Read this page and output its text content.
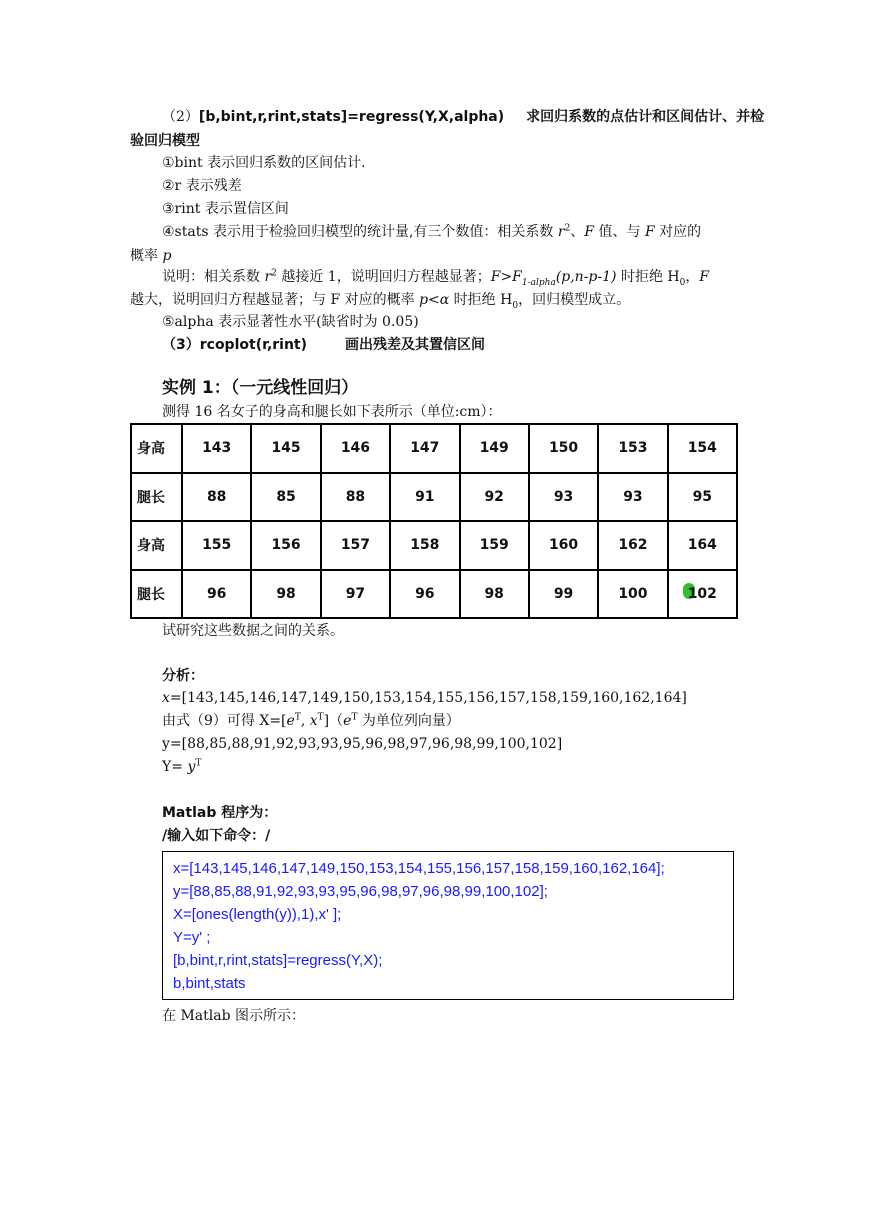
（2）[b,bint,r,rint,stats]=regress(Y,X,alpha) 求回归系数的点估计和区间估计、并检
验回归模型
①bint 表示回归系数的区间估计.
②r 表示残差
③rint 表示置信区间
④stats 表示用于检验回归模型的统计量,有三个数值：相关系数 $r^2$、F 值、与 F 对应的
概率 p
说明：相关系数 $r^2$ 越接近 1，说明回归方程越显著；$F>F_{1-alpha}(p,n-p-1)$ 时拒绝 $H_0$，F
越大，说明回归方程越显著；与 F 对应的概率 p<α 时拒绝 $H_0$，回归模型成立。
⑤alpha 表示显著性水平(缺省时为 0.05)
（3）rcoplot(r,rint)	画出残差及其置信区间
实例 1：（一元线性回归）
测得 16 名女子的身高和腿长如下表所示（单位:cm）：
身高	143	145	146	147	149	150	153	154
腿长	88	85	88	91	92	93	93	95
身高	155	156	157	158	159	160	162	164
腿长	96	98	97	96	98	99	100	102
试研究这些数据之间的关系。
分析：
x=[143,145,146,147,149,150,153,154,155,156,157,158,159,160,162,164]
由式（9）可得 $X=[e^T$, $x^T](e^T$ 为单位列向量）
y=[88,85,88,91,92,93,93,95,96,98,97,96,98,99,100,102]
$Y= y^T$
Matlab 程序为：
/输入如下命令：/
x=[143,145,146,147,149,150,153,154,155,156,157,158,159,160,162,164];
y=[88,85,88,91,92,93,93,95,96,98,97,96,98,99,100,102];
X=[ones(length(y)),1),x' ];
Y=y' ;
[b,bint,r,rint,stats]=regress(Y,X);
b,bint,stats
在 Matlab 图示所示：
